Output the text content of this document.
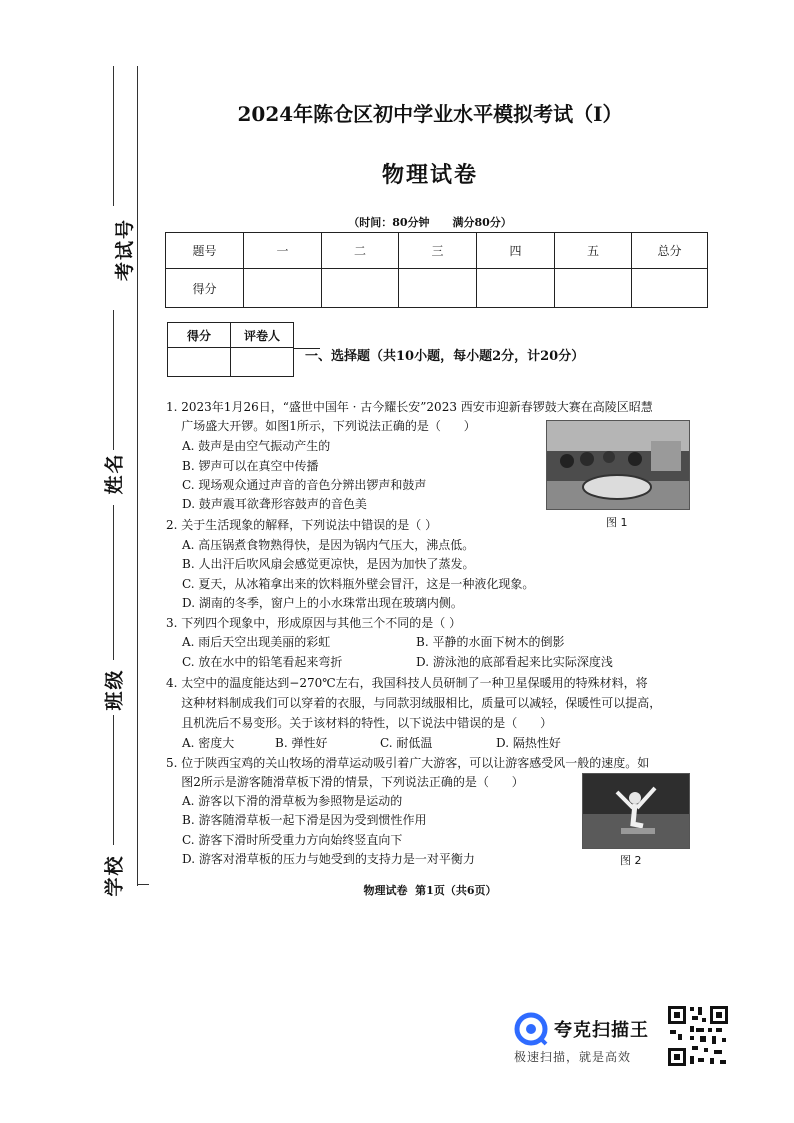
考试号
姓名
班级
学校
2024年陈仓区初中学业水平模拟考试（I）
物理试卷
（时间：80分钟      满分80分）
题号	一	二	三	四	五	总分
得分						
得分	评卷人

一、选择题（共10小题，每小题2分，计20分）
1. 2023年1月26日，“盛世中国年 · 古今耀长安”2023 西安市迎新春锣鼓大赛在高陵区昭慧
广场盛大开锣。如图1所示，下列说法正确的是（      ）
A. 鼓声是由空气振动产生的
B. 锣声可以在真空中传播
C. 现场观众通过声音的音色分辨出锣声和鼓声
D. 鼓声震耳欲聋形容鼓声的音色美
图 1
2. 关于生活现象的解释，下列说法中错误的是（ ）
A. 高压锅煮食物熟得快，是因为锅内气压大，沸点低。
B. 人出汗后吹风扇会感觉更凉快，是因为加快了蒸发。
C. 夏天，从冰箱拿出来的饮料瓶外壁会冒汗，这是一种液化现象。
D. 湖南的冬季，窗户上的小水珠常出现在玻璃内侧。
3. 下列四个现象中，形成原因与其他三个不同的是（ ）
A. 雨后天空出现美丽的彩虹	B. 平静的水面下树木的倒影
C. 放在水中的铅笔看起来弯折	D. 游泳池的底部看起来比实际深度浅
4. 太空中的温度能达到−270℃左右，我国科技人员研制了一种卫星保暖用的特殊材料，将
这种材料制成我们可以穿着的衣服，与同款羽绒服相比，质量可以减轻，保暖性可以提高，
且机洗后不易变形。关于该材料的特性，以下说法中错误的是（      ）
A. 密度大	B. 弹性好	C. 耐低温	D. 隔热性好
5. 位于陕西宝鸡的关山牧场的滑草运动吸引着广大游客，可以让游客感受风一般的速度。如
图2所示是游客随滑草板下滑的情景，下列说法正确的是（      ）
A. 游客以下滑的滑草板为参照物是运动的
B. 游客随滑草板一起下滑是因为受到惯性作用
C. 游客下滑时所受重力方向始终竖直向下
D. 游客对滑草板的压力与她受到的支持力是一对平衡力	图 2
物理试卷  第1页（共6页）
夸克扫描王
极速扫描，就是高效
